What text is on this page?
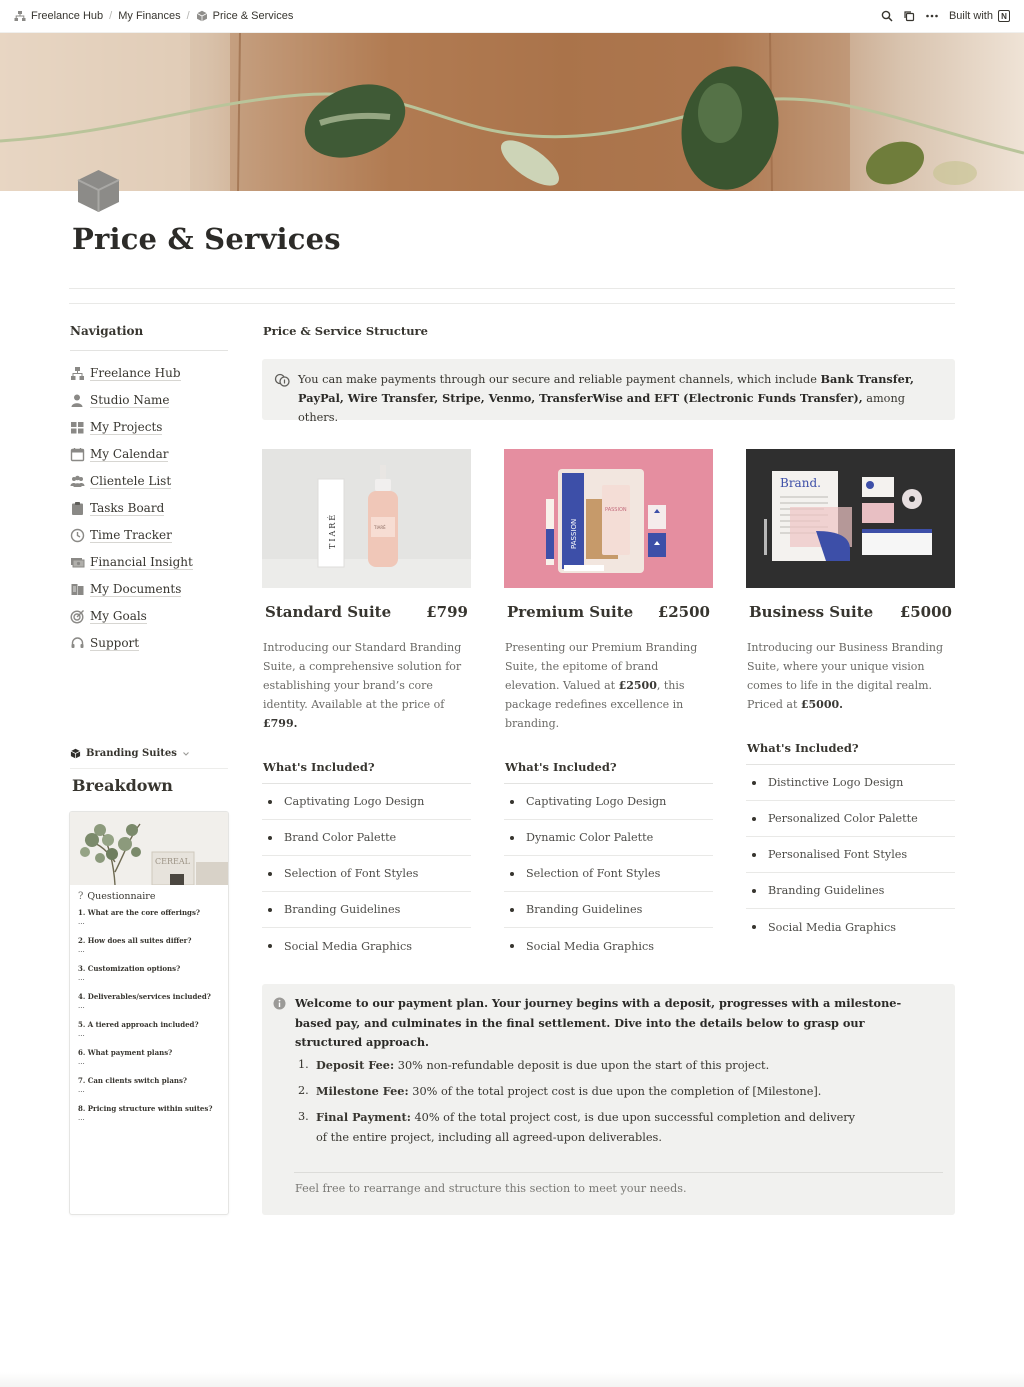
Freelance Hub / My Finances / Price & Services	Built with	N
Price & Services
Navigation
Freelance Hub
Studio Name
My Projects
My Calendar
Clientele List
Tasks Board
Time Tracker
Financial Insight
My Documents
My Goals
Support
Branding Suites
Breakdown
CEREAL
? Questionnaire
1. What are the core offerings?
...
2. How does all suites differ?
...
3. Customization options?
...
4. Deliverables/services included?
...
5. A tiered approach included?
...
6. What payment plans?
...
7. Can clients switch plans?
...
8. Pricing structure within suites?
...
Price & Service Structure
You can make payments through our secure and reliable payment channels, which include Bank Transfer, PayPal, Wire Transfer, Stripe, Venmo, TransferWise and EFT (Electronic Funds Transfer), among others.
TIARÉ	TIARÉ
Standard Suite £799
Introducing our Standard Branding Suite, a comprehensive solution for establishing your brand’s core identity. Available at the price of £799.
What's Included?
Captivating Logo Design
Brand Color Palette
Selection of Font Styles
Branding Guidelines
Social Media Graphics
PASSION
PASSION
Premium Suite £2500
Presenting our Premium Branding Suite, the epitome of brand elevation. Valued at £2500, this package redefines excellence in branding.
What's Included?
Captivating Logo Design
Dynamic Color Palette
Selection of Font Styles
Branding Guidelines
Social Media Graphics
Brand.
Business Suite £5000
Introducing our Business Branding Suite, where your unique vision comes to life in the digital realm. Priced at £5000.
What's Included?
Distinctive Logo Design
Personalized Color Palette
Personalised Font Styles
Branding Guidelines
Social Media Graphics
Welcome to our payment plan. Your journey begins with a deposit, progresses with a milestone-based pay, and culminates in the final settlement. Dive into the details below to grasp our structured approach.
1. Deposit Fee: 30% non-refundable deposit is due upon the start of this project.
2. Milestone Fee: 30% of the total project cost is due upon the completion of [Milestone].
3. Final Payment: 40% of the total project cost, is due upon successful completion and delivery of the entire project, including all agreed-upon deliverables.
Feel free to rearrange and structure this section to meet your needs.
